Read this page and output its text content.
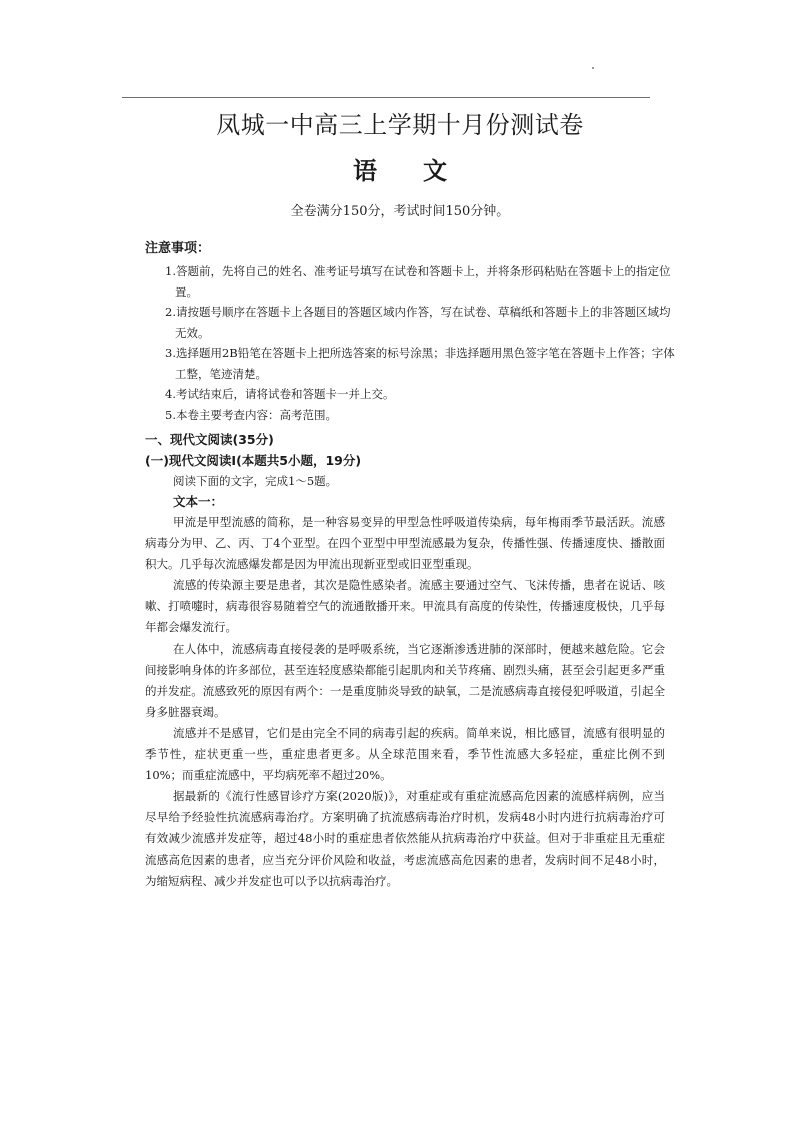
凤城一中高三上学期十月份测试卷
语 文
全卷满分150分，考试时间150分钟。
注意事项：
1.答题前，先将自己的姓名、准考证号填写在试卷和答题卡上，并将条形码粘贴在答题卡上的指定位置。
2.请按题号顺序在答题卡上各题目的答题区域内作答，写在试卷、草稿纸和答题卡上的非答题区域均无效。
3.选择题用2B铅笔在答题卡上把所选答案的标号涂黑；非选择题用黑色签字笔在答题卡上作答；字体工整，笔迹清楚。
4.考试结束后，请将试卷和答题卡一并上交。
5.本卷主要考查内容：高考范围。
一、现代文阅读(35分)
(一)现代文阅读Ⅰ(本题共5小题，19分)
阅读下面的文字，完成1～5题。
文本一：

甲流是甲型流感的简称，是一种容易变异的甲型急性呼吸道传染病，每年梅雨季节最活跃。流感病毒分为甲、乙、丙、丁4个亚型。在四个亚型中甲型流感最为复杂，传播性强、传播速度快、播散面积大。几乎每次流感爆发都是因为甲流出现新亚型或旧亚型重现。

流感的传染源主要是患者，其次是隐性感染者。流感主要通过空气、飞沫传播，患者在说话、咳嗽、打喷嚏时，病毒很容易随着空气的流通散播开来。甲流具有高度的传染性，传播速度极快，几乎每年都会爆发流行。

在人体中，流感病毒直接侵袭的是呼吸系统，当它逐渐渗透进肺的深部时，便越来越危险。它会间接影响身体的许多部位，甚至连轻度感染都能引起肌肉和关节疼痛、剧烈头痛，甚至会引起更多严重的并发症。流感致死的原因有两个：一是重度肺炎导致的缺氧，二是流感病毒直接侵犯呼吸道，引起全身多脏器衰竭。

流感并不是感冒，它们是由完全不同的病毒引起的疾病。简单来说，相比感冒，流感有很明显的季节性，症状更重一些，重症患者更多。从全球范围来看，季节性流感大多轻症，重症比例不到10%；而重症流感中，平均病死率不超过20%。

据最新的《流行性感冒诊疗方案(2020版)》，对重症或有重症流感高危因素的流感样病例，应当尽早给予经验性抗流感病毒治疗。方案明确了抗流感病毒治疗时机，发病48小时内进行抗病毒治疗可有效减少流感并发症等，超过48小时的重症患者依然能从抗病毒治疗中获益。但对于非重症且无重症流感高危因素的患者，应当充分评价风险和收益，考虑流感高危因素的患者，发病时间不足48小时，为缩短病程、减少并发症也可以予以抗病毒治疗。
